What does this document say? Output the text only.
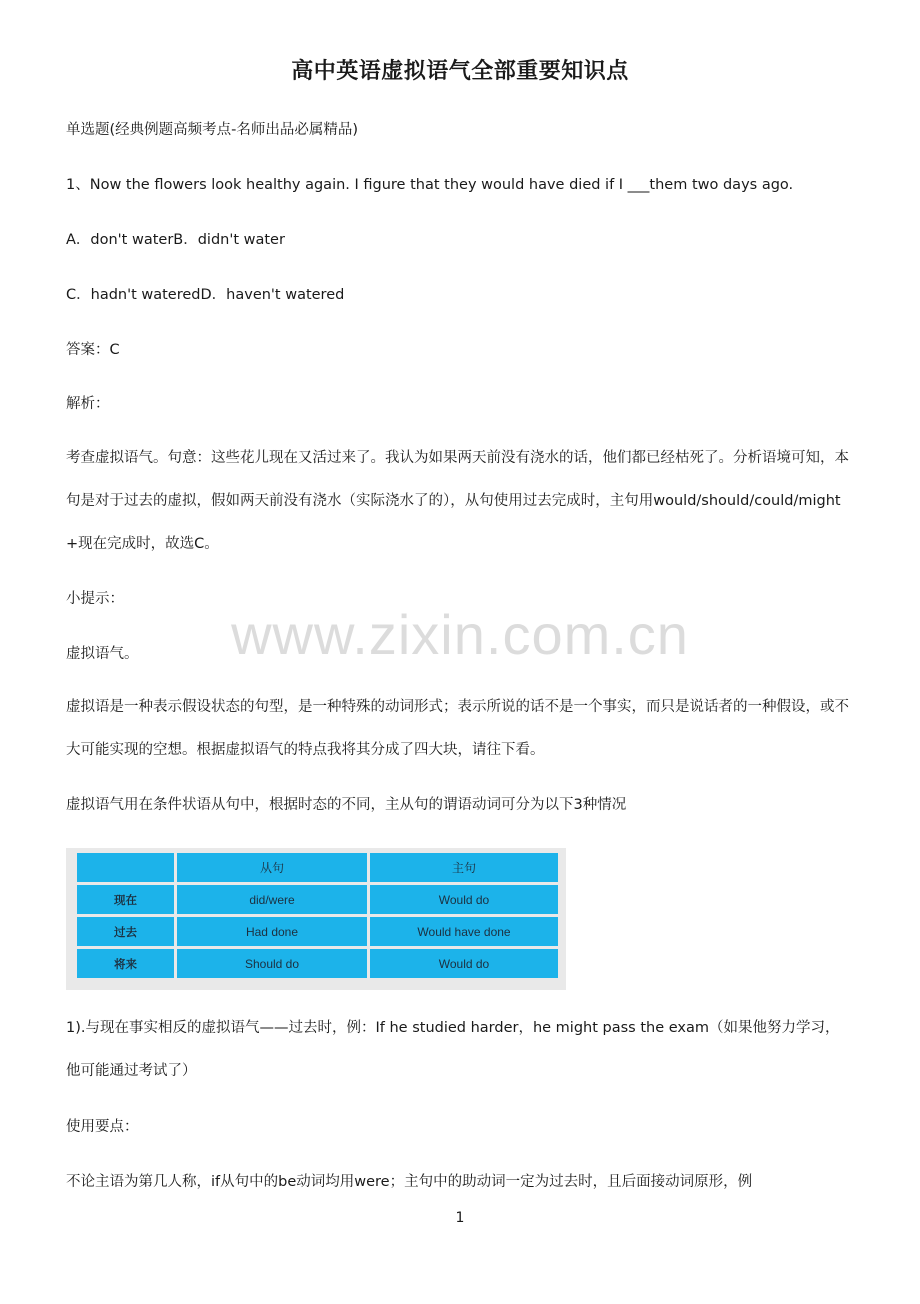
高中英语虚拟语气全部重要知识点
单选题(经典例题高频考点-名师出品必属精品)
1、Now the flowers look healthy again. I figure that they would have died if I ___them two days ago.
A．don't waterB．didn't water
C．hadn't wateredD．haven't watered
答案：C
解析：
考查虚拟语气。句意：这些花儿现在又活过来了。我认为如果两天前没有浇水的话，他们都已经枯死了。分析语境可知，本句是对于过去的虚拟，假如两天前没有浇水（实际浇水了的），从句使用过去完成时，主句用would/should/could/might +现在完成时，故选C。
小提示：
虚拟语气。	www.zixin.com.cn
虚拟语是一种表示假设状态的句型，是一种特殊的动词形式；表示所说的话不是一个事实，而只是说话者的一种假设，或不大可能实现的空想。根据虚拟语气的特点我将其分成了四大块，请往下看。
虚拟语气用在条件状语从句中，根据时态的不同，主从句的谓语动词可分为以下3种情况
	从句	主句
现在	did/were	Would do
过去	Had done	Would have done
将来	Should do	Would do
1).与现在事实相反的虚拟语气——过去时，例：If he studied harder，he might pass the exam（如果他努力学习，他可能通过考试了）
使用要点：
不论主语为第几人称，if从句中的be动词均用were；主句中的助动词一定为过去时，且后面接动词原形，例
1
